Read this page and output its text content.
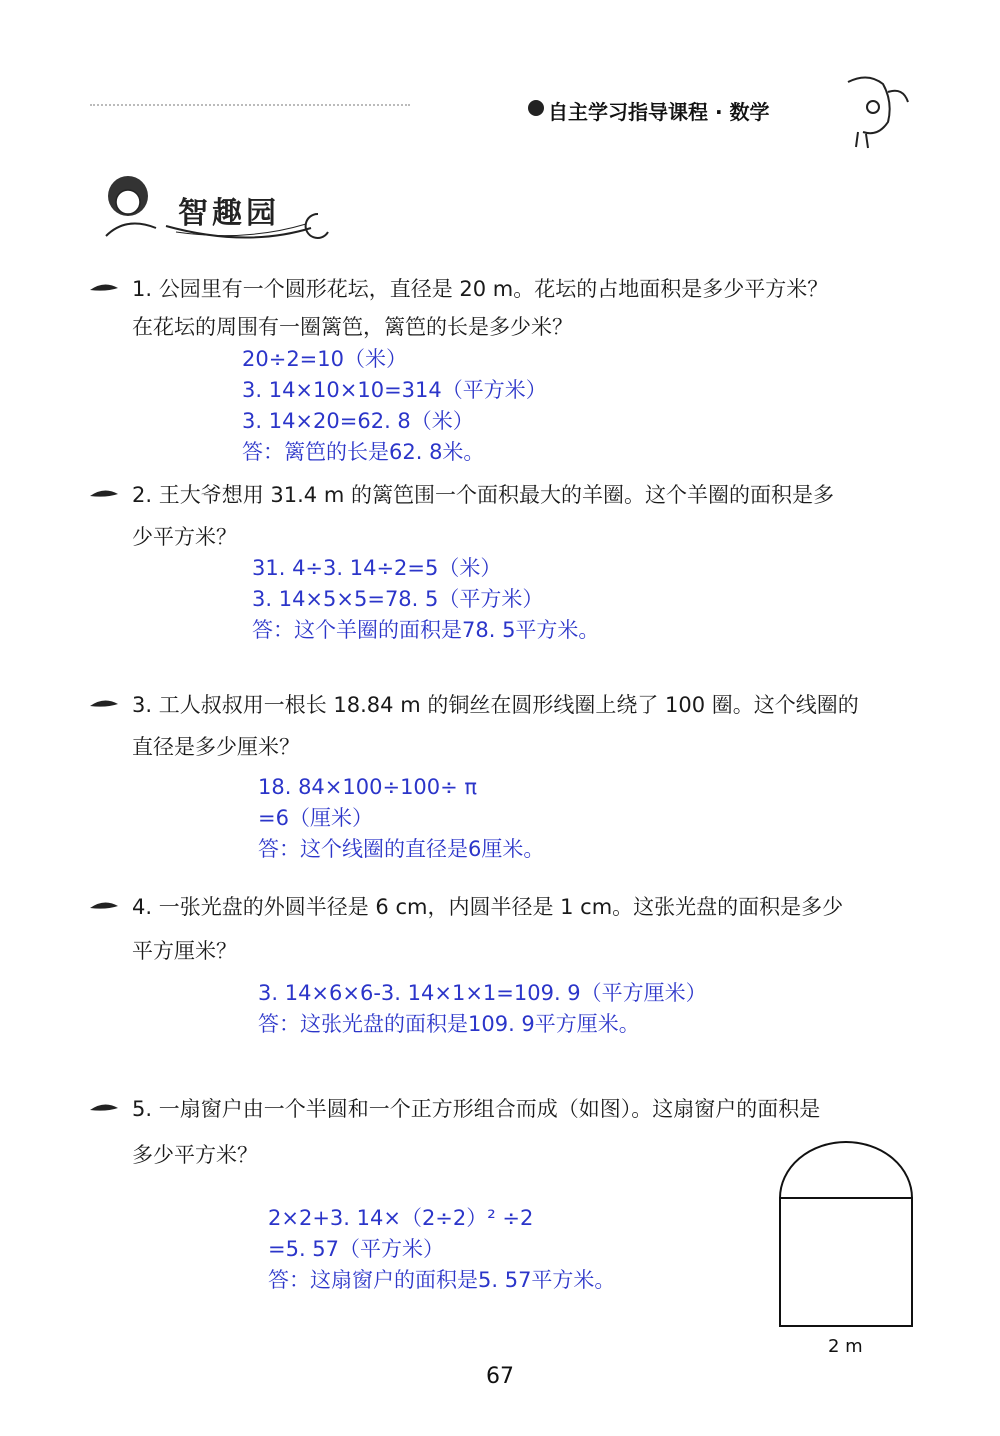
自主学习指导课程 · 数学
智趣园
1. 公园里有一个圆形花坛，直径是 20 m。花坛的占地面积是多少平方米？
在花坛的周围有一圈篱笆，篱笆的长是多少米？
20÷2=10（米）
3. 14×10×10=314（平方米）
3. 14×20=62. 8（米）
答：篱笆的长是62. 8米。
2. 王大爷想用 31.4 m 的篱笆围一个面积最大的羊圈。这个羊圈的面积是多
少平方米？
31. 4÷3. 14÷2=5（米）
3. 14×5×5=78. 5（平方米）
答：这个羊圈的面积是78. 5平方米。
3. 工人叔叔用一根长 18.84 m 的铜丝在圆形线圈上绕了 100 圈。这个线圈的
直径是多少厘米？
18. 84×100÷100÷ π
=6（厘米）
答：这个线圈的直径是6厘米。
4. 一张光盘的外圆半径是 6 cm，内圆半径是 1 cm。这张光盘的面积是多少
平方厘米？
3. 14×6×6-3. 14×1×1=109. 9（平方厘米）
答：这张光盘的面积是109. 9平方厘米。
5. 一扇窗户由一个半圆和一个正方形组合而成（如图）。这扇窗户的面积是
多少平方米？
2×2+3. 14×（2÷2）² ÷2
=5. 57（平方米）
答：这扇窗户的面积是5. 57平方米。
2 m
67
